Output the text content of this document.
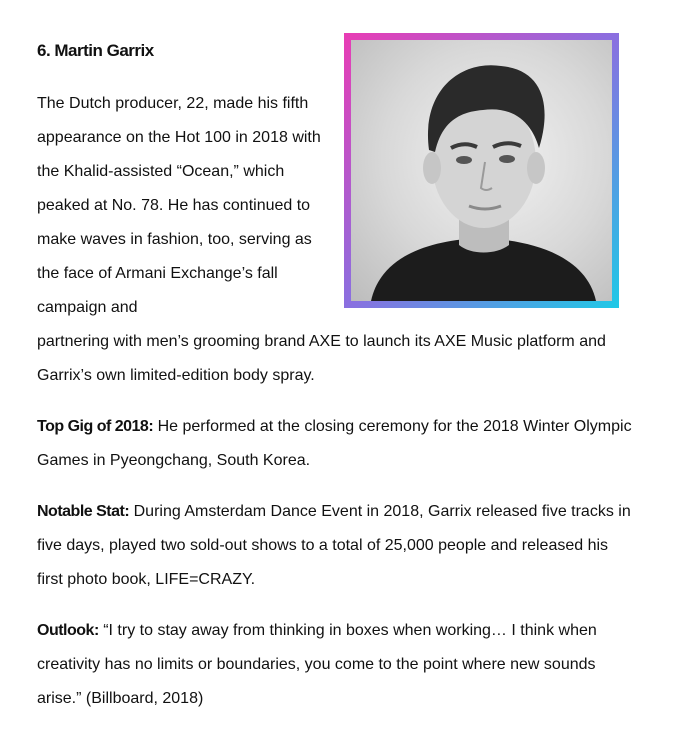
6. Martin Garrix

The Dutch producer, 22, made his fifth appearance on the Hot 100 in 2018 with the Khalid-assisted “Ocean,” which peaked at No. 78. He has continued to make waves in fashion, too, serving as the face of Armani Exchange’s fall campaign and
partnering with men’s grooming brand AXE to launch its AXE Music platform and Garrix’s own limited-edition body spray.

Top Gig of 2018: He performed at the closing ceremony for the 2018 Winter Olympic Games in Pyeongchang, South Korea.

Notable Stat: During Amsterdam Dance Event in 2018, Garrix released five tracks in five days, played two sold-out shows to a total of 25,000 people and released his first photo book, LIFE=CRAZY.

Outlook: “I try to stay away from thinking in boxes when working… I think when creativity has no limits or boundaries, you come to the point where new sounds arise.” (Billboard, 2018)
